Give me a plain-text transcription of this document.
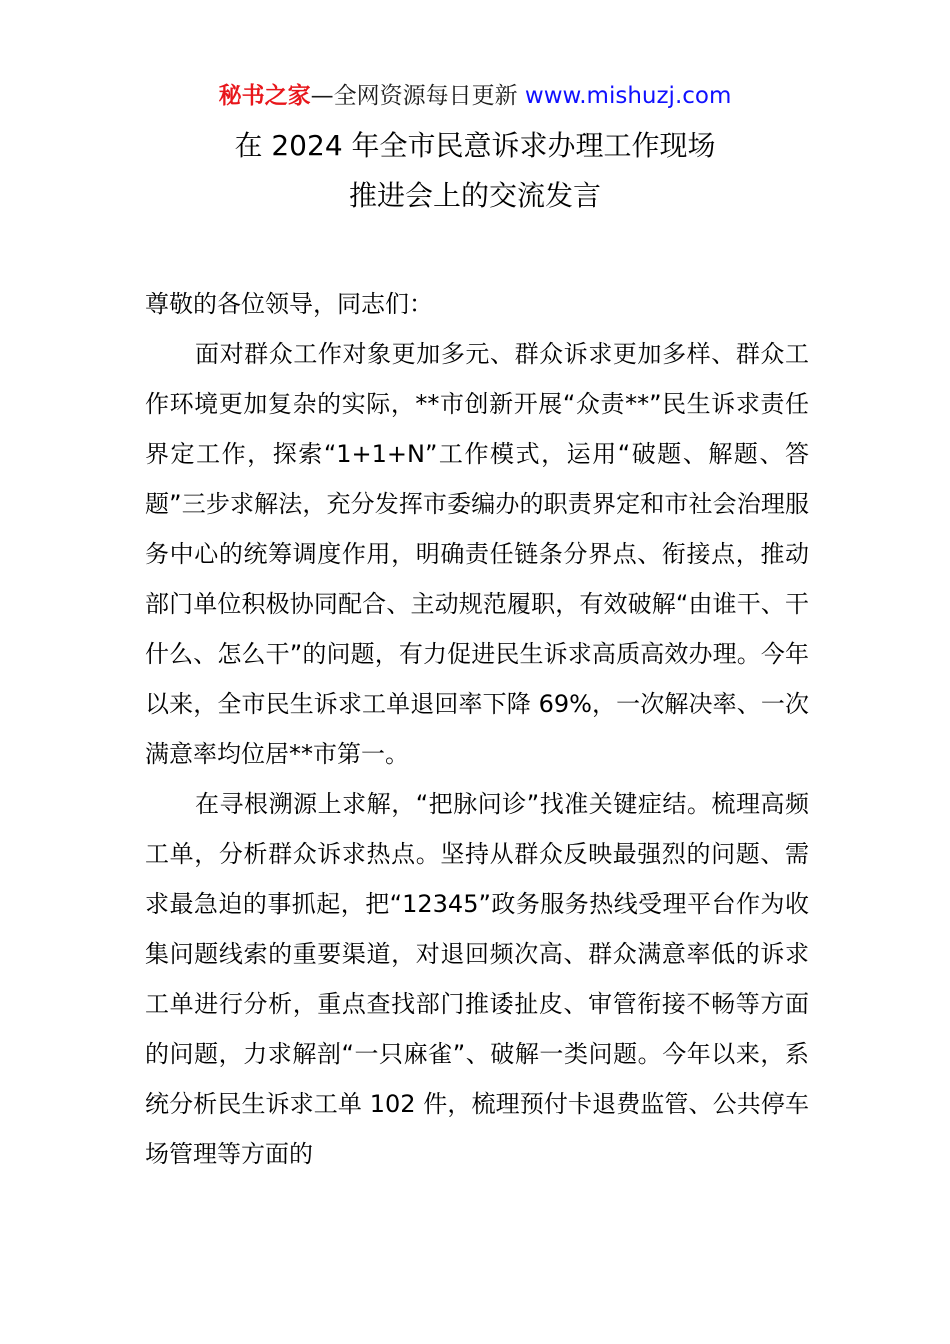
秘书之家—全网资源每日更新 www.mishuzj.com
在 2024 年全市民意诉求办理工作现场
推进会上的交流发言

尊敬的各位领导，同志们：

面对群众工作对象更加多元、群众诉求更加多样、群众工作环境更加复杂的实际，**市创新开展“众责**”民生诉求责任界定工作，探索“1+1+N”工作模式，运用“破题、解题、答题”三步求解法，充分发挥市委编办的职责界定和市社会治理服务中心的统筹调度作用，明确责任链条分界点、衔接点，推动部门单位积极协同配合、主动规范履职，有效破解“由谁干、干什么、怎么干”的问题，有力促进民生诉求高质高效办理。今年以来，全市民生诉求工单退回率下降 69%，一次解决率、一次满意率均位居**市第一。

在寻根溯源上求解，“把脉问诊”找准关键症结。梳理高频工单，分析群众诉求热点。坚持从群众反映最强烈的问题、需求最急迫的事抓起，把“12345”政务服务热线受理平台作为收集问题线索的重要渠道，对退回频次高、群众满意率低的诉求工单进行分析，重点查找部门推诿扯皮、审管衔接不畅等方面的问题，力求解剖“一只麻雀”、破解一类问题。今年以来，系统分析民生诉求工单 102 件，梳理预付卡退费监管、公共停车场管理等方面的
